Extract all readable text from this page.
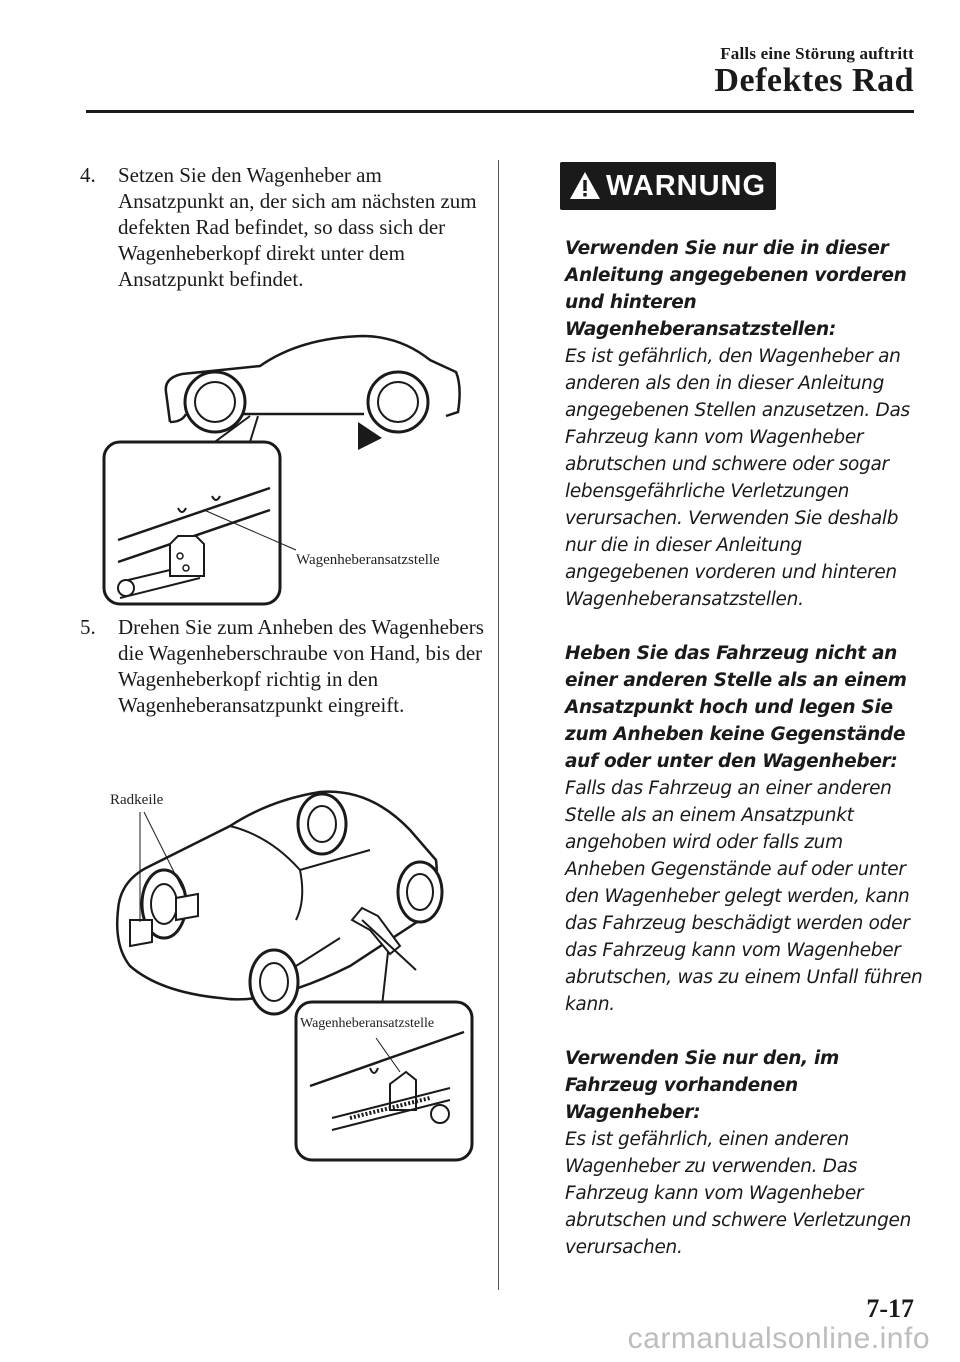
Falls eine Störung auftritt
Defektes Rad
4.	Setzen Sie den Wagenheber am Ansatzpunkt an, der sich am nächsten zum defekten Rad befindet, so dass sich der Wagenheberkopf direkt unter dem Ansatzpunkt befindet.
Wagenheberansatzstelle
5.	Drehen Sie zum Anheben des Wagenhebers die Wagenheberschraube von Hand, bis der Wagenheberkopf richtig in den Wagenheberansatzpunkt eingreift.
Radkeile
Wagenheberansatzstelle
WARNUNG
Verwenden Sie nur die in dieser Anleitung angegebenen vorderen und hinteren Wagenheberansatzstellen:
Es ist gefährlich, den Wagenheber an anderen als den in dieser Anleitung angegebenen Stellen anzusetzen. Das Fahrzeug kann vom Wagenheber abrutschen und schwere oder sogar lebensgefährliche Verletzungen verursachen. Verwenden Sie deshalb nur die in dieser Anleitung angegebenen vorderen und hinteren Wagenheberansatzstellen.
Heben Sie das Fahrzeug nicht an einer anderen Stelle als an einem Ansatzpunkt hoch und legen Sie zum Anheben keine Gegenstände auf oder unter den Wagenheber:
Falls das Fahrzeug an einer anderen Stelle als an einem Ansatzpunkt angehoben wird oder falls zum Anheben Gegenstände auf oder unter den Wagenheber gelegt werden, kann das Fahrzeug beschädigt werden oder das Fahrzeug kann vom Wagenheber abrutschen, was zu einem Unfall führen kann.
Verwenden Sie nur den, im Fahrzeug vorhandenen Wagenheber:
Es ist gefährlich, einen anderen Wagenheber zu verwenden. Das Fahrzeug kann vom Wagenheber abrutschen und schwere Verletzungen verursachen.
7-17
carmanualsonline.info
